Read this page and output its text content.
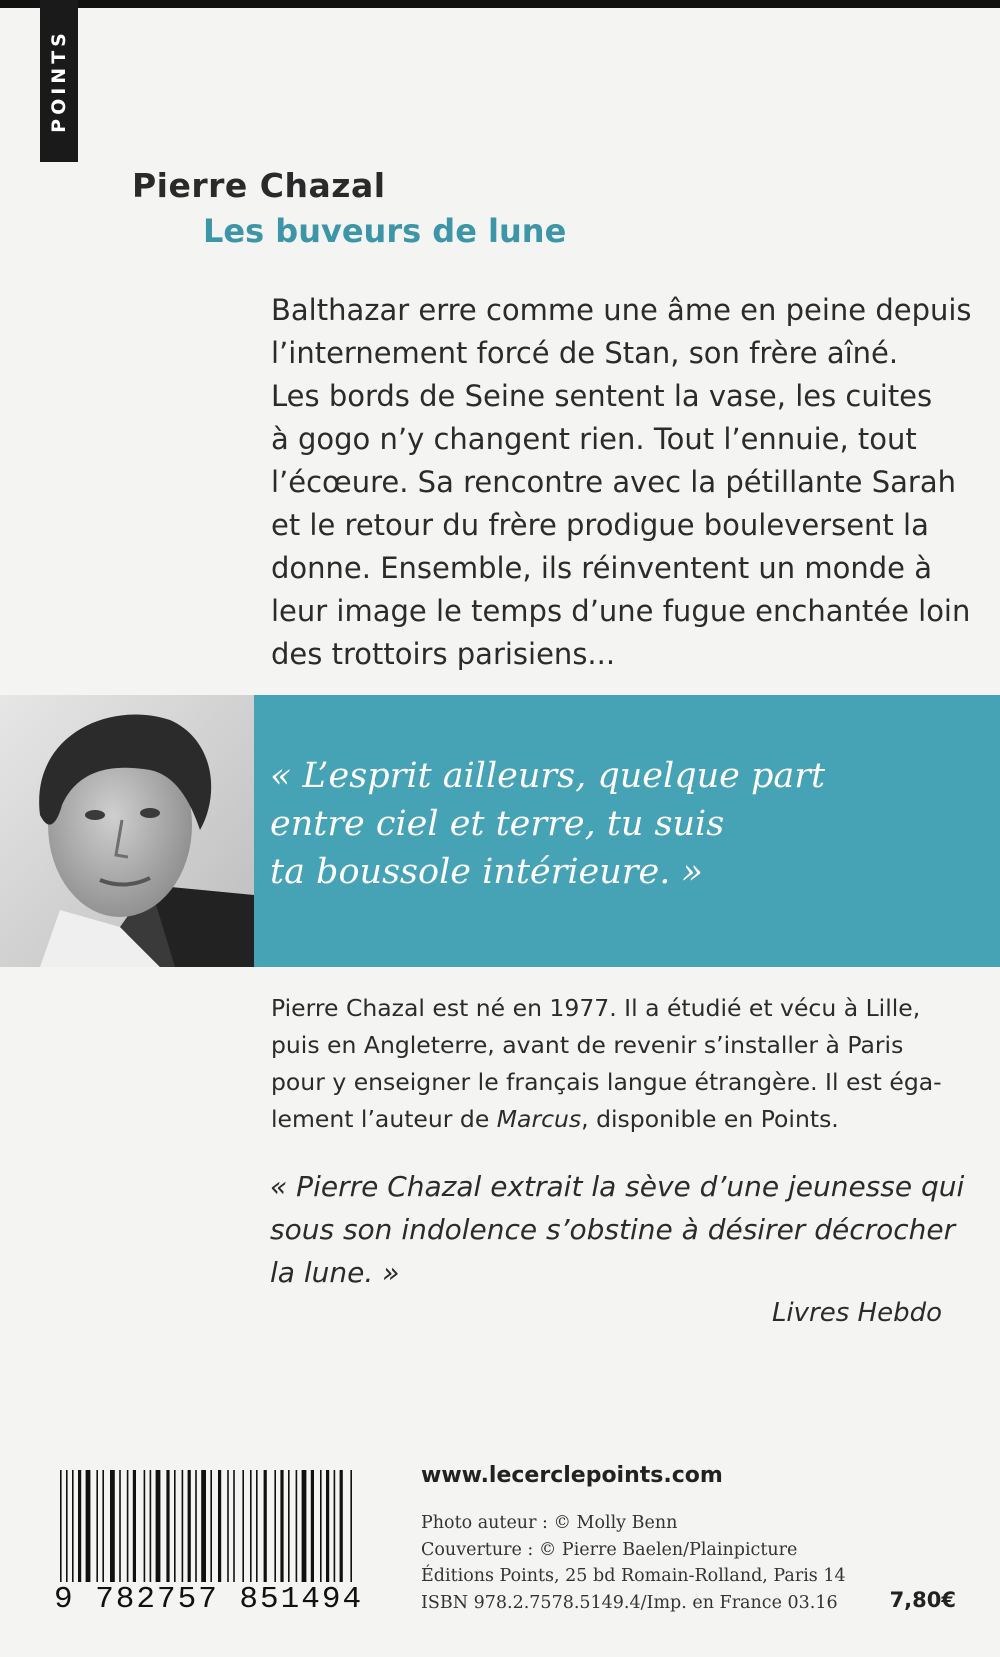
POINTS
Pierre Chazal
Les buveurs de lune

Balthazar erre comme une âme en peine depuis
l’internement forcé de Stan, son frère aîné.
Les bords de Seine sentent la vase, les cuites
à gogo n’y changent rien. Tout l’ennuie, tout
l’écœure. Sa rencontre avec la pétillante Sarah
et le retour du frère prodigue bouleversent la
donne. Ensemble, ils réinventent un monde à
leur image le temps d’une fugue enchantée loin
des trottoirs parisiens...

« L’esprit ailleurs, quelque part
entre ciel et terre, tu suis
ta boussole intérieure. »

Pierre Chazal est né en 1977. Il a étudié et vécu à Lille,
puis en Angleterre, avant de revenir s’installer à Paris
pour y enseigner le français langue étrangère. Il est éga-
lement l’auteur de Marcus, disponible en Points.

« Pierre Chazal extrait la sève d’une jeunesse qui
sous son indolence s’obstine à désirer décrocher
la lune. »

Livres Hebdo
9 782757 851494
www.lecerclepoints.com

Photo auteur : © Molly Benn
Couverture : © Pierre Baelen/Plainpicture
Éditions Points, 25 bd Romain-Rolland, Paris 14
ISBN 978.2.7578.5149.4/Imp. en France 03.16	7,80€
